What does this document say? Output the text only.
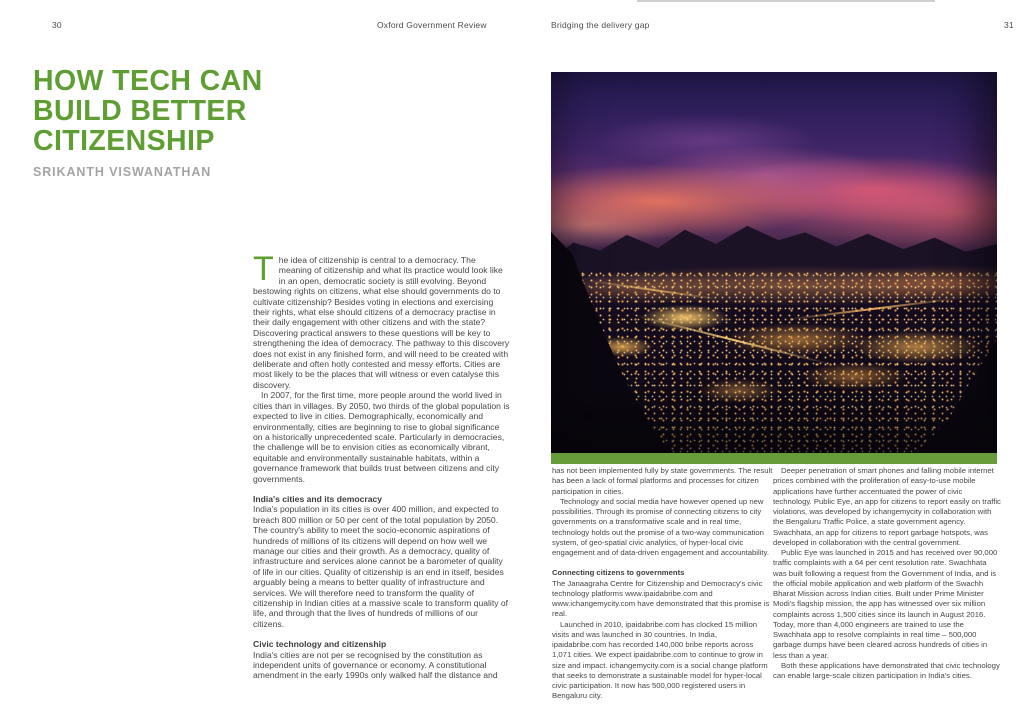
30	Oxford Government Review	Bridging the delivery gap	31
HOW TECH CAN
BUILD BETTER
CITIZENSHIP
SRIKANTH VISWANATHAN

The idea of citizenship is central to a democracy. The meaning of citizenship and what its practice would look like in an open, democratic society is still evolving. Beyond bestowing rights on citizens, what else should governments do to cultivate citizenship? Besides voting in elections and exercising their rights, what else should citizens of a democracy practise in their daily engagement with other citizens and with the state? Discovering practical answers to these questions will be key to strengthening the idea of democracy. The pathway to this discovery does not exist in any finished form, and will need to be created with deliberate and often hotly contested and messy efforts. Cities are most likely to be the places that will witness or even catalyse this discovery.

In 2007, for the first time, more people around the world lived in cities than in villages. By 2050, two thirds of the global population is expected to live in cities. Demographically, economically and environmentally, cities are beginning to rise to global significance on a historically unprecedented scale. Particularly in democracies, the challenge will be to envision cities as economically vibrant, equitable and environmentally sustainable habitats, within a governance framework that builds trust between citizens and city governments.

India's cities and its democracy

India's population in its cities is over 400 million, and expected to breach 800 million or 50 per cent of the total population by 2050. The country's ability to meet the socio-economic aspirations of hundreds of millions of its citizens will depend on how well we manage our cities and their growth. As a democracy, quality of infrastructure and services alone cannot be a barometer of quality of life in our cities. Quality of citizenship is an end in itself, besides arguably being a means to better quality of infrastructure and services. We will therefore need to transform the quality of citizenship in Indian cities at a massive scale to transform quality of life, and through that the lives of hundreds of millions of our citizens.

Civic technology and citizenship

India's cities are not per se recognised by the constitution as independent units of governance or economy. A constitutional amendment in the early 1990s only walked half the distance and

has not been implemented fully by state governments. The result has been a lack of formal platforms and processes for citizen participation in cities.

Technology and social media have however opened up new possibilities. Through its promise of connecting citizens to city governments on a transformative scale and in real time, technology holds out the promise of a two-way communication system, of geo-spatial civic analytics, of hyper-local civic engagement and of data-driven engagement and accountability.

Connecting citizens to governments

The Janaagraha Centre for Citizenship and Democracy's civic technology platforms www.ipaidabribe.com and www.ichangemycity.com have demonstrated that this promise is real.

Launched in 2010, ipaidabribe.com has clocked 15 million visits and was launched in 30 countries. In India, ipaidabribe.com has recorded 140,000 bribe reports across 1,071 cities. We expect ipaidabribe.com to continue to grow in size and impact. ichangemycity.com is a social change platform that seeks to demonstrate a sustainable model for hyper-local civic participation. It now has 500,000 registered users in Bengaluru city.

Deeper penetration of smart phones and falling mobile internet prices combined with the proliferation of easy-to-use mobile applications have further accentuated the power of civic technology. Public Eye, an app for citizens to report easily on traffic violations, was developed by ichangemycity in collaboration with the Bengaluru Traffic Police, a state government agency. Swachhata, an app for citizens to report garbage hotspots, was developed in collaboration with the central government.

Public Eye was launched in 2015 and has received over 90,000 traffic complaints with a 64 per cent resolution rate. Swachhata was built following a request from the Government of India, and is the official mobile application and web platform of the Swachh Bharat Mission across Indian cities. Built under Prime Minister Modi's flagship mission, the app has witnessed over six million complaints across 1,500 cities since its launch in August 2016. Today, more than 4,000 engineers are trained to use the Swachhata app to resolve complaints in real time – 500,000 garbage dumps have been cleared across hundreds of cities in less than a year.

Both these applications have demonstrated that civic technology can enable large-scale citizen participation in India's cities.
